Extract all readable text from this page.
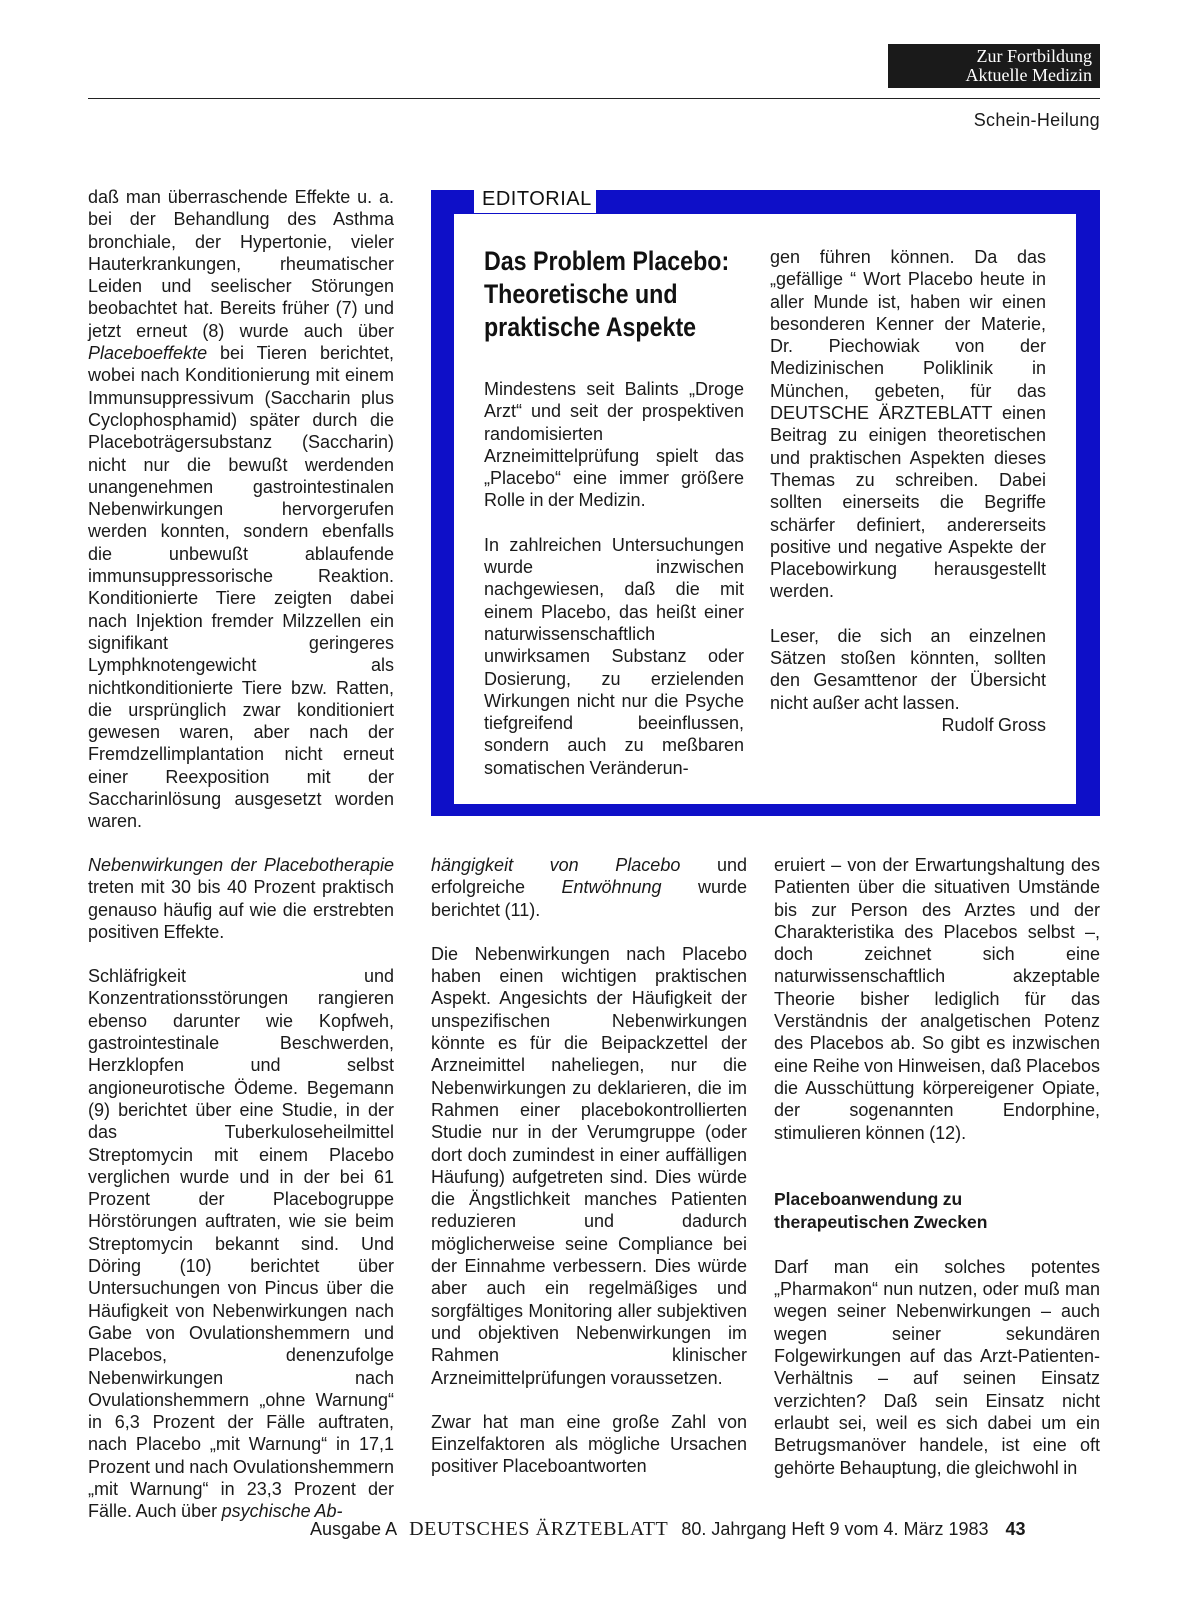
Zur Fortbildung
Aktuelle Medizin
Schein-Heilung

daß man überraschende Effekte u. a. bei der Behandlung des Asthma bronchiale, der Hypertonie, vieler Hauterkrankungen, rheumatischer Leiden und seelischer Störungen beobachtet hat. Bereits früher (7) und jetzt erneut (8) wurde auch über Placeboeffekte bei Tieren berichtet, wobei nach Konditionierung mit einem Immunsuppressivum (Saccharin plus Cyclophosphamid) später durch die Placeboträgersubstanz (Saccharin) nicht nur die bewußt werdenden unangenehmen gastrointestinalen Nebenwirkungen hervorgerufen werden konnten, sondern ebenfalls die unbewußt ablaufende immunsuppressorische Reaktion. Konditionierte Tiere zeigten dabei nach Injektion fremder Milzzellen ein signifikant geringeres Lymphknotengewicht als nichtkonditionierte Tiere bzw. Ratten, die ursprünglich zwar konditioniert gewesen waren, aber nach der Fremdzellimplantation nicht erneut einer Reexposition mit der Saccharinlösung ausgesetzt worden waren.

EDITORIAL
Das Problem Placebo: Theoretische und praktische Aspekte

Mindestens seit Balints „Droge Arzt“ und seit der prospektiven randomisierten Arzneimittelprüfung spielt das „Placebo“ eine immer größere Rolle in der Medizin.

In zahlreichen Untersuchungen wurde inzwischen nachgewiesen, daß die mit einem Placebo, das heißt einer naturwissenschaftlich unwirksamen Substanz oder Dosierung, zu erzielenden Wirkungen nicht nur die Psyche tiefgreifend beeinflussen, sondern auch zu meßbaren somatischen Veränderun-

gen führen können. Da das „gefällige “ Wort Placebo heute in aller Munde ist, haben wir einen besonderen Kenner der Materie, Dr. Piechowiak von der Medizinischen Poliklinik in München, gebeten, für das DEUTSCHE ÄRZTEBLATT einen Beitrag zu einigen theoretischen und praktischen Aspekten dieses Themas zu schreiben. Dabei sollten einerseits die Begriffe schärfer definiert, andererseits positive und negative Aspekte der Placebowirkung herausgestellt werden.

Leser, die sich an einzelnen Sätzen stoßen könnten, sollten den Gesamttenor der Übersicht nicht außer acht lassen.
Rudolf Gross

Nebenwirkungen der Placebotherapie treten mit 30 bis 40 Prozent praktisch genauso häufig auf wie die erstrebten positiven Effekte.

Schläfrigkeit und Konzentrationsstörungen rangieren ebenso darunter wie Kopfweh, gastrointestinale Beschwerden, Herzklopfen und selbst angioneurotische Ödeme. Begemann (9) berichtet über eine Studie, in der das Tuberkuloseheilmittel Streptomycin mit einem Placebo verglichen wurde und in der bei 61 Prozent der Placebogruppe Hörstörungen auftraten, wie sie beim Streptomycin bekannt sind. Und Döring (10) berichtet über Untersuchungen von Pincus über die Häufigkeit von Nebenwirkungen nach Gabe von Ovulationshemmern und Placebos, denenzufolge Nebenwirkungen nach Ovulationshemmern „ohne Warnung“ in 6,3 Prozent der Fälle auftraten, nach Placebo „mit Warnung“ in 17,1 Prozent und nach Ovulationshemmern „mit Warnung“ in 23,3 Prozent der Fälle. Auch über psychische Ab-

hängigkeit von Placebo und erfolgreiche Entwöhnung wurde berichtet (11).

Die Nebenwirkungen nach Placebo haben einen wichtigen praktischen Aspekt. Angesichts der Häufigkeit der unspezifischen Nebenwirkungen könnte es für die Beipackzettel der Arzneimittel naheliegen, nur die Nebenwirkungen zu deklarieren, die im Rahmen einer placebokontrollierten Studie nur in der Verumgruppe (oder dort doch zumindest in einer auffälligen Häufung) aufgetreten sind. Dies würde die Ängstlichkeit manches Patienten reduzieren und dadurch möglicherweise seine Compliance bei der Einnahme verbessern. Dies würde aber auch ein regelmäßiges und sorgfältiges Monitoring aller subjektiven und objektiven Nebenwirkungen im Rahmen klinischer Arzneimittelprüfungen voraussetzen.

Zwar hat man eine große Zahl von Einzelfaktoren als mögliche Ursachen positiver Placeboantworten

eruiert – von der Erwartungshaltung des Patienten über die situativen Umstände bis zur Person des Arztes und der Charakteristika des Placebos selbst –, doch zeichnet sich eine naturwissenschaftlich akzeptable Theorie bisher lediglich für das Verständnis der analgetischen Potenz des Placebos ab. So gibt es inzwischen eine Reihe von Hinweisen, daß Placebos die Ausschüttung körpereigener Opiate, der sogenannten Endorphine, stimulieren können (12).

Placeboanwendung zu therapeutischen Zwecken

Darf man ein solches potentes „Pharmakon“ nun nutzen, oder muß man wegen seiner Nebenwirkungen – auch wegen seiner sekundären Folgewirkungen auf das Arzt-Patienten-Verhältnis – auf seinen Einsatz verzichten? Daß sein Einsatz nicht erlaubt sei, weil es sich dabei um ein Betrugsmanöver handele, ist eine oft gehörte Behauptung, die gleichwohl in

Ausgabe A DEUTSCHES ÄRZTEBLATT 80. Jahrgang Heft 9 vom 4. März 1983 43
